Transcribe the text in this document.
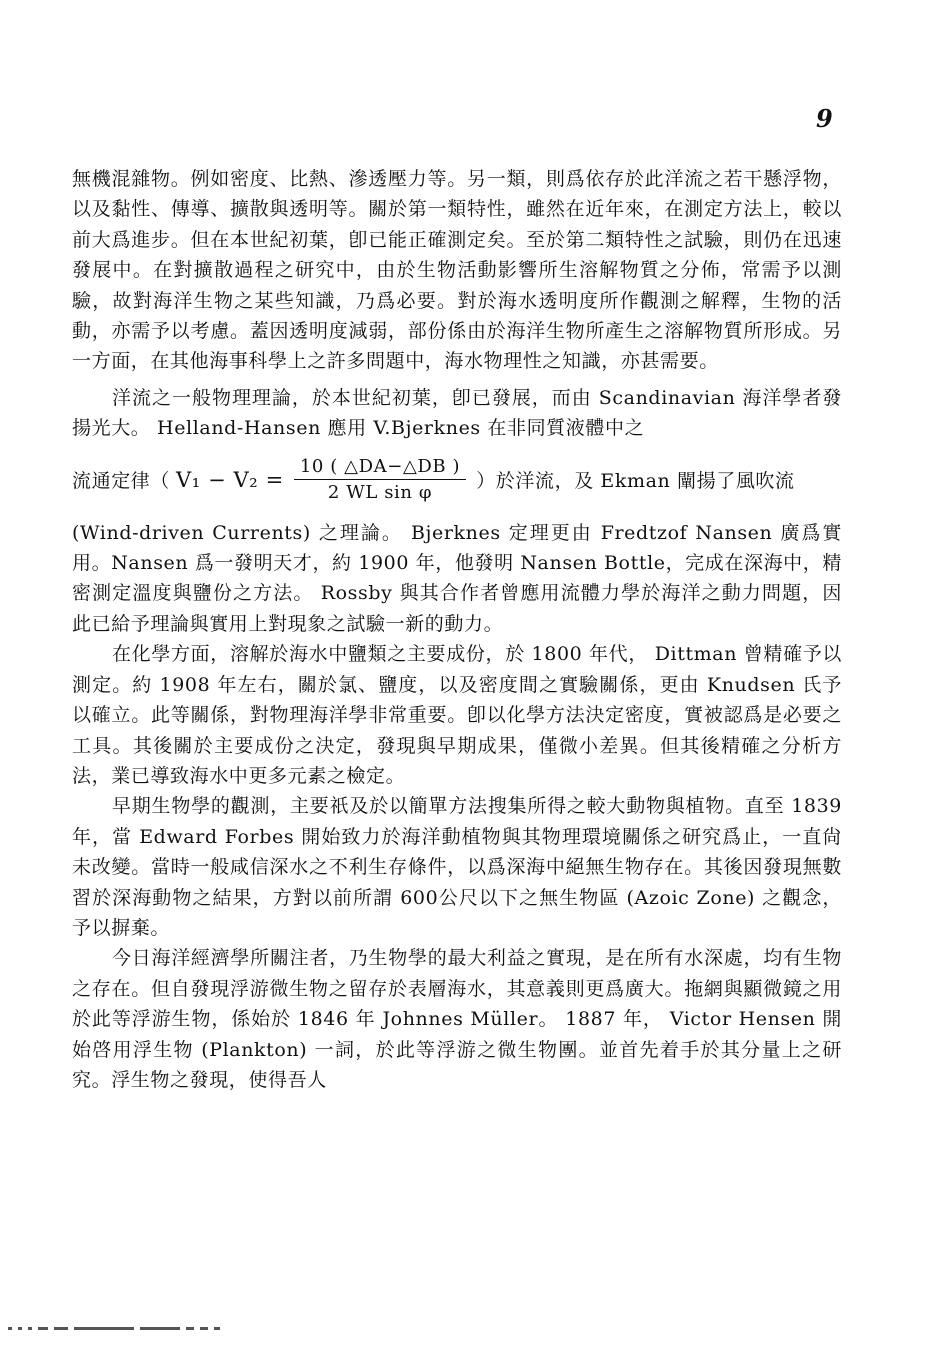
9

無機混雜物。例如密度、比熱、滲透壓力等。另一類，則爲依存於此洋流之若干懸浮物，以及黏性、傳導、擴散與透明等。關於第一類特性，雖然在近年來，在測定方法上，較以前大爲進步。但在本世紀初葉，卽已能正確測定矣。至於第二類特性之試驗，則仍在迅速發展中。在對擴散過程之研究中，由於生物活動影響所生溶解物質之分佈，常需予以測驗，故對海洋生物之某些知識，乃爲必要。對於海水透明度所作觀測之解釋，生物的活動，亦需予以考慮。蓋因透明度減弱，部份係由於海洋生物所產生之溶解物質所形成。另一方面，在其他海事科學上之許多問題中，海水物理性之知識，亦甚需要。

洋流之一般物理理論，於本世紀初葉，卽已發展，而由 Scandinavian 海洋學者發揚光大。 Helland-Hansen 應用 V.Bjerknes 在非同質液體中之

流通定律（ $V_1 - V_2 = \frac{10 ( \triangle DA-\triangle DB )}{\text{2 WL sin φ}}$ ）於洋流，及 Ekman 闡揚了風吹流

(Wind-driven Currents) 之理論。 Bjerknes 定理更由 Fredtzof Nansen 廣爲實用。Nansen 爲一發明天才，約 1900 年，他發明 Nansen Bottle，完成在深海中，精密測定溫度與鹽份之方法。 Rossby 與其合作者曾應用流體力學於海洋之動力問題，因此已給予理論與實用上對現象之試驗一新的動力。

在化學方面，溶解於海水中鹽類之主要成份，於 1800 年代， Dittman 曾精確予以測定。約 1908 年左右，關於氯、鹽度，以及密度間之實驗關係，更由 Knudsen 氏予以確立。此等關係，對物理海洋學非常重要。卽以化學方法決定密度，實被認爲是必要之工具。其後關於主要成份之決定，發現與早期成果，僅微小差異。但其後精確之分析方法，業已導致海水中更多元素之檢定。

早期生物學的觀測，主要祇及於以簡單方法搜集所得之較大動物與植物。直至 1839 年，當 Edward Forbes 開始致力於海洋動植物與其物理環境關係之研究爲止，一直尙未改變。當時一般咸信深水之不利生存條件，以爲深海中絕無生物存在。其後因發現無數習於深海動物之結果，方對以前所謂 600公尺以下之無生物區 (Azoic Zone) 之觀念，予以摒棄。

今日海洋經濟學所關注者，乃生物學的最大利益之實現，是在所有水深處，均有生物之存在。但自發現浮游微生物之留存於表層海水，其意義則更爲廣大。拖網與顯微鏡之用於此等浮游生物，係始於 1846 年 Johnnes Müller。 1887 年， Victor Hensen 開始啓用浮生物 (Plankton) 一詞，於此等浮游之微生物團。並首先着手於其分量上之研究。浮生物之發現，使得吾人
